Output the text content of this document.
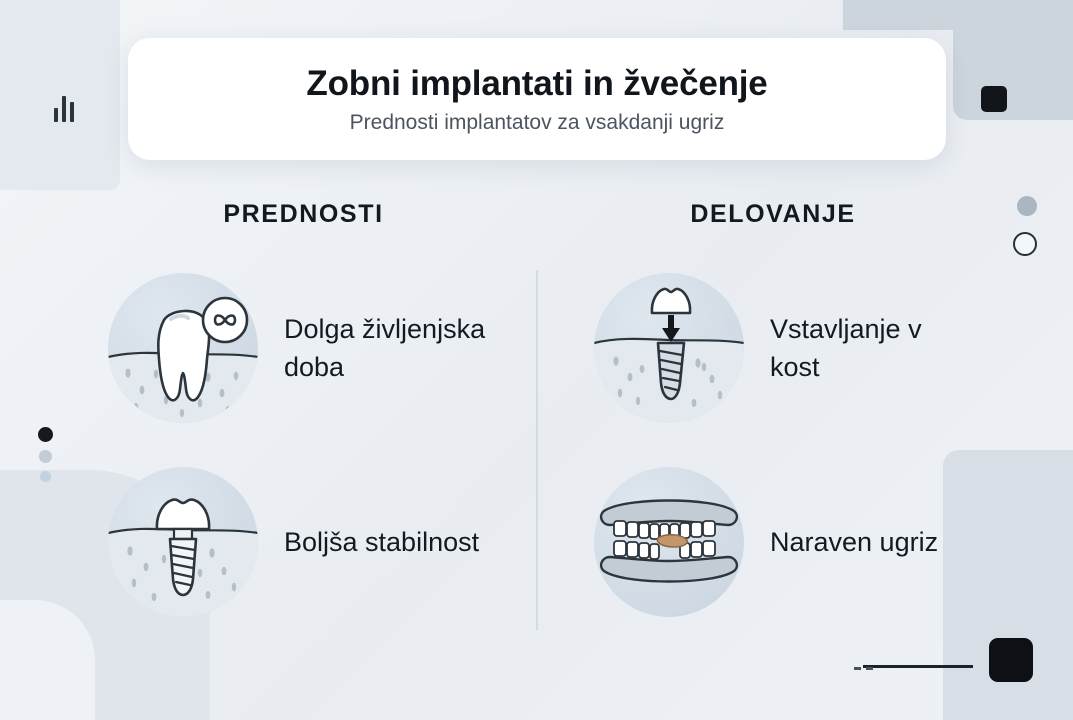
Zobni implantati in žvečenje

Prednosti implantatov za vsakdanji ugriz

PREDNOSTI
Dolga življenjska doba
Boljša stabilnost
DELOVANJE
Vstavljanje v kost
Naraven ugriz
